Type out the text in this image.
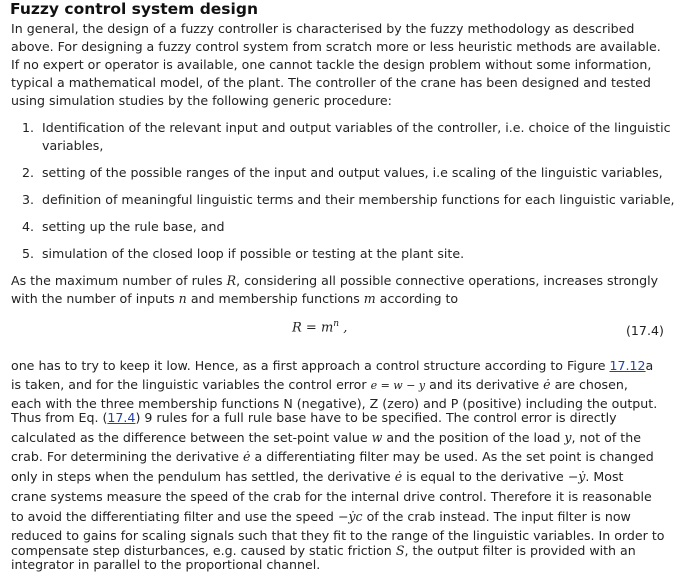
Fuzzy control system design
In general, the design of a fuzzy controller is characterised by the fuzzy methodology as described
above. For designing a fuzzy control system from scratch more or less heuristic methods are available.
If no expert or operator is available, one cannot tackle the design problem without some information,
typical a mathematical model, of the plant. The controller of the crane has been designed and tested
using simulation studies by the following generic procedure:
1. Identification of the relevant input and output variables of the controller, i.e. choice of the linguistic
variables,
2. setting of the possible ranges of the input and output values, i.e scaling of the linguistic variables,
3. definition of meaningful linguistic terms and their membership functions for each linguistic variable,
4. setting up the rule base, and
5. simulation of the closed loop if possible or testing at the plant site.
As the maximum number of rules R, considering all possible connective operations, increases strongly
with the number of inputs n and membership functions m according to
$R = m^n$ ,	(17.4)
one has to try to keep it low. Hence, as a first approach a control structure according to Figure 17.12a
is taken, and for the linguistic variables the control error e = w − y and its derivative ė are chosen,
each with the three membership functions N (negative), Z (zero) and P (positive) including the output.
Thus from Eq. (17.4) 9 rules for a full rule base have to be specified. The control error is directly
calculated as the difference between the set-point value w and the position of the load y, not of the
crab. For determining the derivative ė a differentiating filter may be used. As the set point is changed
only in steps when the pendulum has settled, the derivative ė is equal to the derivative −ẏ. Most
crane systems measure the speed of the crab for the internal drive control. Therefore it is reasonable
to avoid the differentiating filter and use the speed −ẏc of the crab instead. The input filter is now
reduced to gains for scaling signals such that they fit to the range of the linguistic variables. In order to
compensate step disturbances, e.g. caused by static friction S, the output filter is provided with an
integrator in parallel to the proportional channel.
